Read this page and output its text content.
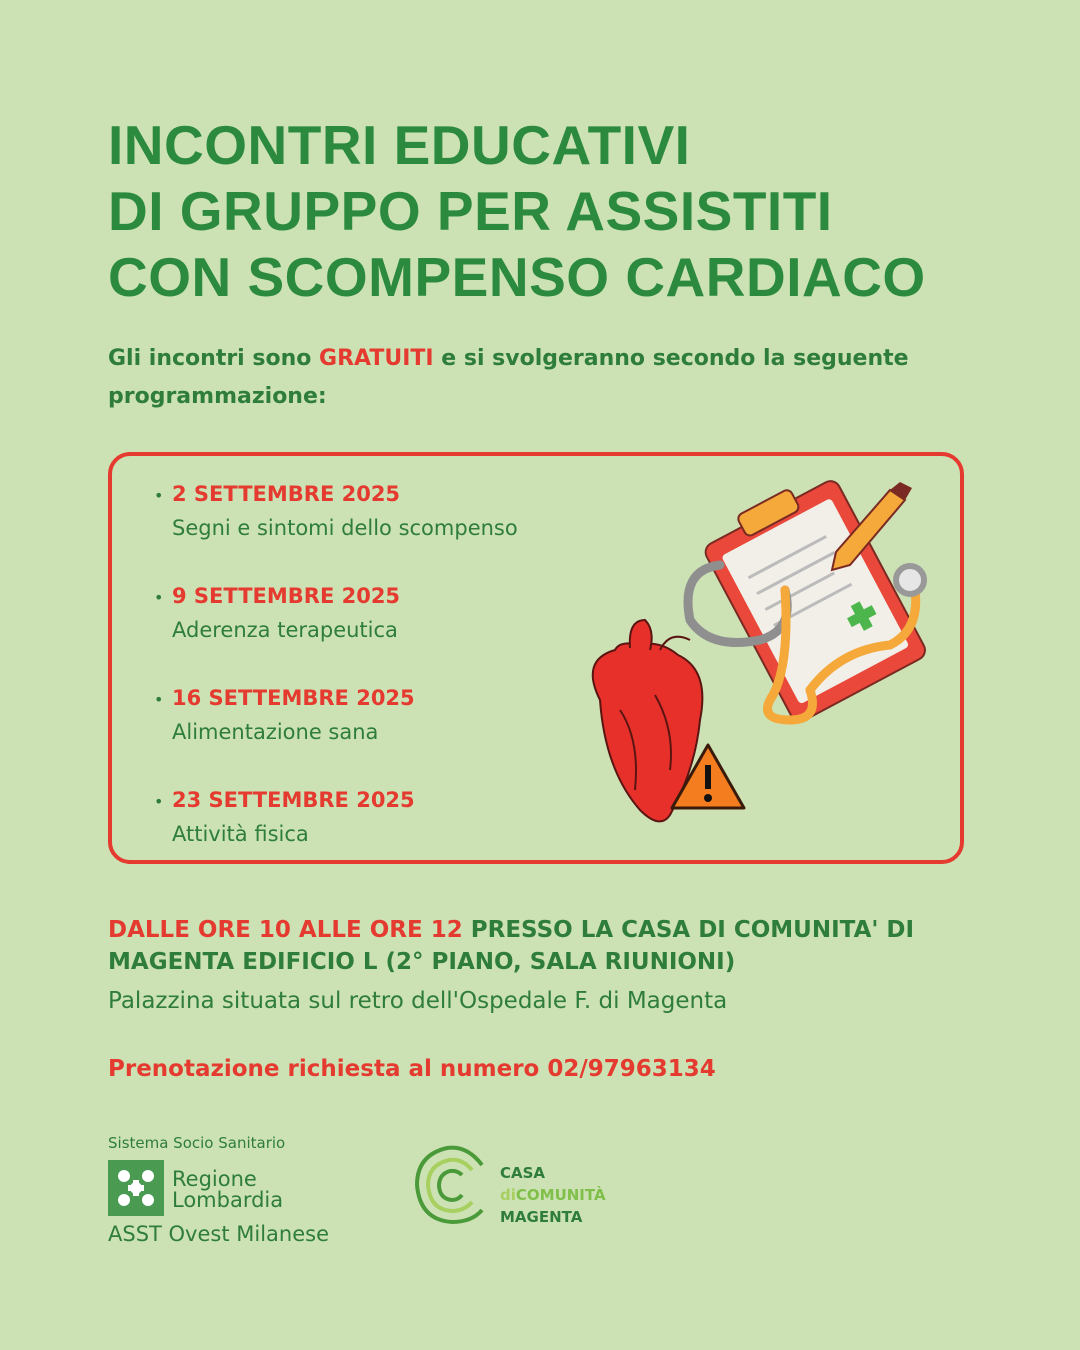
INCONTRI EDUCATIVI
DI GRUPPO PER ASSISTITI
CON SCOMPENSO CARDIACO
Gli incontri sono GRATUITI e si svolgeranno secondo la seguente programmazione:
• 2 SETTEMBRE 2025
Segni e sintomi dello scompenso
• 9 SETTEMBRE 2025
Aderenza terapeutica
• 16 SETTEMBRE 2025
Alimentazione sana
• 23 SETTEMBRE 2025
Attività fisica
DALLE ORE 10 ALLE ORE 12 PRESSO LA CASA DI COMUNITA' DI MAGENTA EDIFICIO L (2° PIANO, SALA RIUNIONI)
Palazzina situata sul retro dell'Ospedale F. di Magenta
Prenotazione richiesta al numero 02/97963134
Sistema Socio Sanitario
Regione
Lombardia
ASST Ovest Milanese
CASA
diCOMUNITÀ
MAGENTA
